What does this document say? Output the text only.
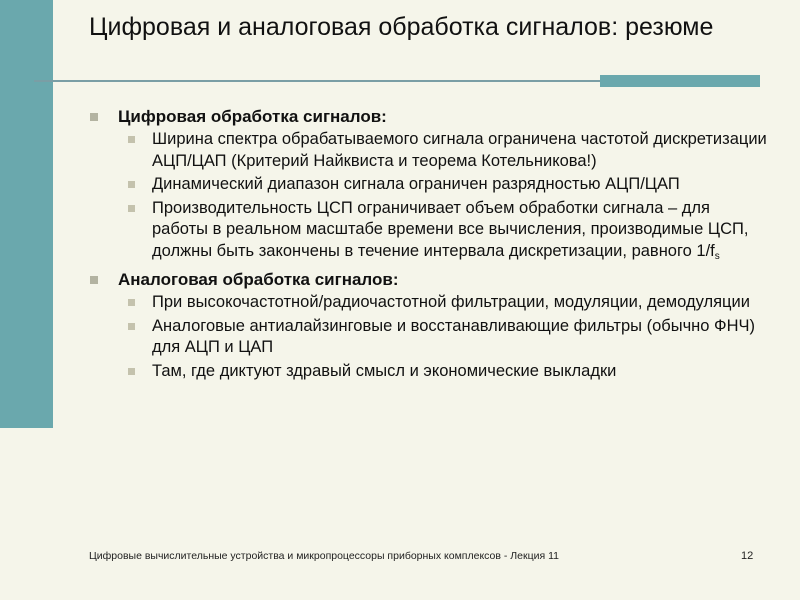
Цифровая и аналоговая обработка сигналов: резюме
Цифровая обработка сигналов:
Ширина спектра обрабатываемого сигнала ограничена частотой дискретизации АЦП/ЦАП (Критерий Найквиста и теорема Котельникова!)
Динамический диапазон сигнала ограничен разрядностью АЦП/ЦАП
Производительность ЦСП ограничивает объем обработки сигнала – для работы в реальном масштабе времени все вычисления, производимые ЦСП, должны быть закончены в течение интервала дискретизации, равного $1/f_s$
Аналоговая обработка сигналов:
При высокочастотной/радиочастотной фильтрации, модуляции, демодуляции
Аналоговые антиалайзинговые и восстанавливающие фильтры (обычно ФНЧ) для АЦП и ЦАП
Там, где диктуют здравый смысл и экономические выкладки
Цифровые вычислительные устройства и микропроцессоры приборных комплексов - Лекция 11	12
